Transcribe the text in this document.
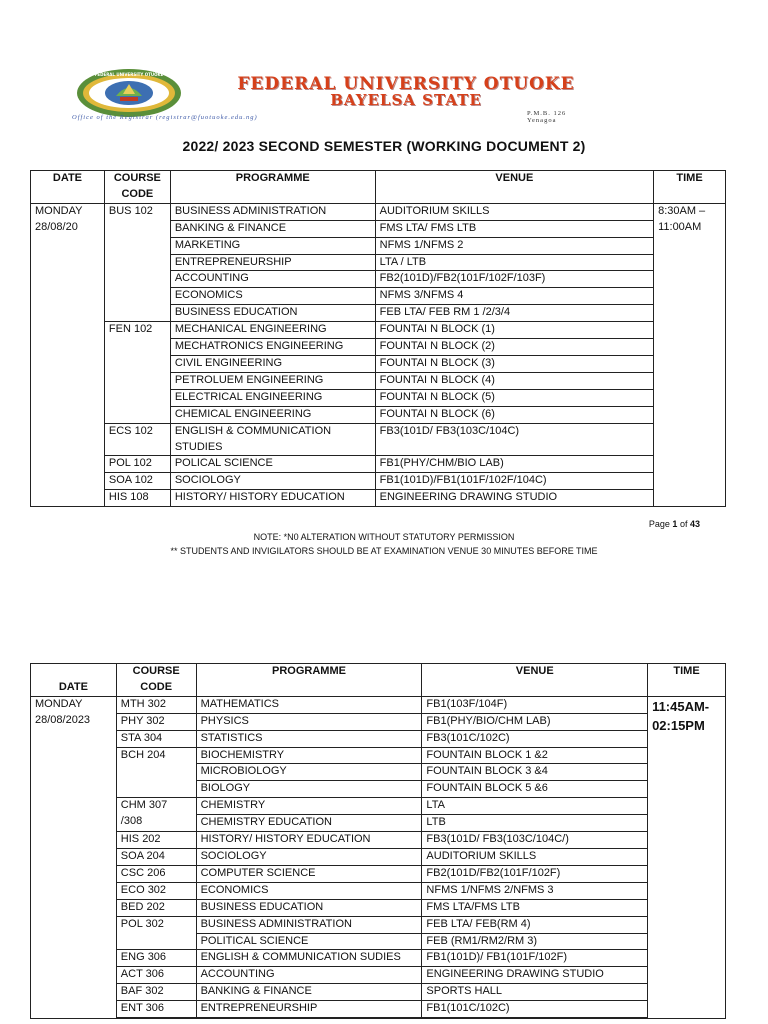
FEDERAL UNIVERSITY OTUOKE	FEDERAL UNIVERSITY OTUOKE
BAYELSA STATE
Office of the Registrar (registrar@fuotuoke.edu.ng)
P.M.B. 126
Yenagoa
2022/ 2023 SECOND SEMESTER (WORKING DOCUMENT 2)
DATE	COURSE CODE	PROGRAMME	VENUE	TIME
MONDAY 28/08/20	BUS 102	BUSINESS ADMINISTRATION	AUDITORIUM SKILLS	8:30AM – 11:00AM

		BANKING & FINANCE	FMS LTA/ FMS LTB	

		MARKETING	NFMS 1/NFMS 2	

		ENTREPRENEURSHIP	LTA / LTB	

		ACCOUNTING	FB2(101D)/FB2(101F/102F/103F)	

		ECONOMICS	NFMS 3/NFMS 4	

		BUSINESS EDUCATION	FEB LTA/ FEB RM 1 /2/3/4	

	FEN 102	MECHANICAL ENGINEERING	FOUNTAI N BLOCK (1)	

		MECHATRONICS ENGINEERING	FOUNTAI N BLOCK (2)	

		CIVIL ENGINEERING	FOUNTAI N BLOCK (3)	

		PETROLUEM ENGINEERING	FOUNTAI N BLOCK (4)	

		ELECTRICAL ENGINEERING	FOUNTAI N BLOCK (5)	

		CHEMICAL ENGINEERING	FOUNTAI N BLOCK (6)	

	ECS 102	ENGLISH & COMMUNICATION
STUDIES	FB3(101D/ FB3(103C/104C)	

	POL 102	POLICAL SCIENCE	FB1(PHY/CHM/BIO LAB)	

	SOA 102	SOCIOLOGY	FB1(101D)/FB1(101F/102F/104C)	

	HIS 108	HISTORY/ HISTORY EDUCATION	ENGINEERING DRAWING STUDIO	
Page 1 of 43
NOTE: *N0 ALTERATION WITHOUT STATUTORY PERMISSION
** STUDENTS AND INVIGILATORS SHOULD BE AT EXAMINATION VENUE 30 MINUTES BEFORE TIME
DATE	COURSE CODE	PROGRAMME	VENUE	TIME
MONDAY 28/08/2023	MTH 302	MATHEMATICS	FB1(103F/104F)	11:45AM- 02:15PM

	PHY 302	PHYSICS	FB1(PHY/BIO/CHM LAB)	

	STA 304	STATISTICS	FB3(101C/102C)	

	BCH 204	BIOCHEMISTRY	FOUNTAIN BLOCK 1 &2	

		MICROBIOLOGY	FOUNTAIN BLOCK 3 &4	

		BIOLOGY	FOUNTAIN BLOCK 5 &6	

	CHM 307
/308	CHEMISTRY	LTA	

		CHEMISTRY EDUCATION	LTB	

	HIS 202	HISTORY/ HISTORY EDUCATION	FB3(101D/ FB3(103C/104C/)	

	SOA 204	SOCIOLOGY	AUDITORIUM SKILLS	

	CSC 206	COMPUTER SCIENCE	FB2(101D/FB2(101F/102F)	

	ECO 302	ECONOMICS	NFMS 1/NFMS 2/NFMS 3	

	BED 202	BUSINESS EDUCATION	FMS LTA/FMS LTB	

	POL 302	BUSINESS ADMINISTRATION	FEB LTA/ FEB(RM 4)	

		POLITICAL SCIENCE	FEB (RM1/RM2/RM 3)	

	ENG 306	ENGLISH & COMMUNICATION SUDIES	FB1(101D)/ FB1(101F/102F)	

	ACT 306	ACCOUNTING	ENGINEERING DRAWING STUDIO	

	BAF 302	BANKING & FINANCE	SPORTS HALL	

	ENT 306	ENTREPRENEURSHIP	FB1(101C/102C)	
